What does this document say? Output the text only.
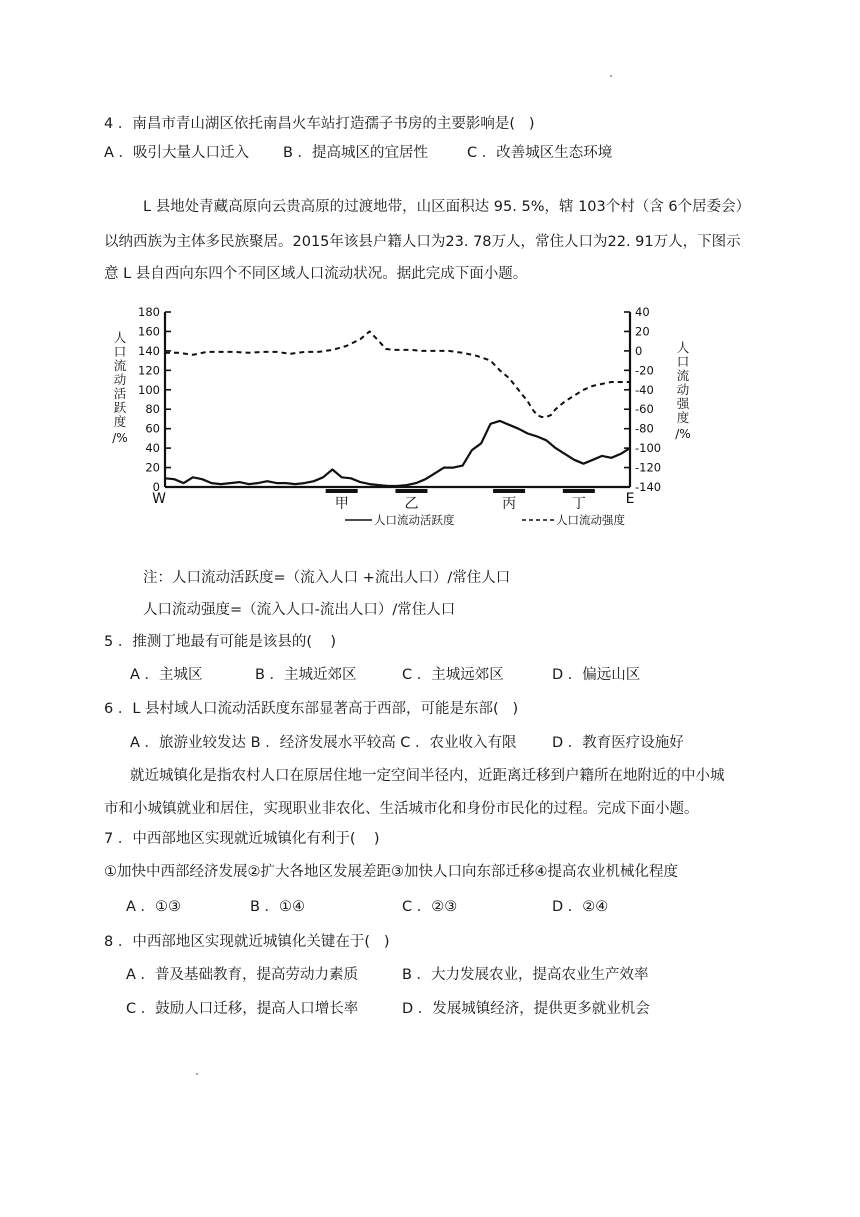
4 ．南昌市青山湖区依托南昌火车站打造孺子书房的主要影响是(   )
A ．吸引大量人口迁入 B ．提高城区的宜居性	C ．改善城区生态环境
L 县地处青藏高原向云贵高原的过渡地带，山区面积达 95. 5%，辖 103个村（含 6个居委会）
以纳西族为主体多民族聚居。2015年该县户籍人口为23. 78万人，常住人口为22. 91万人，下图示
意 L 县自西向东四个不同区域人口流动状况。据此完成下面小题。
人
口
流
动
活
跃
度
/%
人
口
流
动
强
度
/%
180
160
140
120
100
80
60
40
20
0
40
20
0
-20
-40
-60
-80
-100
-120
-140
W	E
甲	乙	丙	丁
人口流动活跃度	人口流动强度
注：人口流动活跃度=（流入人口 +流出人口）/常住人口
人口流动强度=（流入人口-流出人口）/常住人口
5 ．推测丁地最有可能是该县的(    )
A ．主城区	B ．主城近郊区	C ．主城远郊区	D ．偏远山区
6 ．L 县村域人口流动活跃度东部显著高于西部，可能是东部(   )
A ．旅游业较发达 B ．经济发展水平较高 C ．农业收入有限 D ．教育医疗设施好
就近城镇化是指农村人口在原居住地一定空间半径内，近距离迁移到户籍所在地附近的中小城
市和小城镇就业和居住，实现职业非农化、生活城市化和身份市民化的过程。完成下面小题。
7 ．中西部地区实现就近城镇化有利于(    )
①加快中西部经济发展②扩大各地区发展差距③加快人口向东部迁移④提高农业机械化程度
A ．①③	B ．①④	C ．②③	D ．②④
8 ．中西部地区实现就近城镇化关键在于(   )
A ．普及基础教育，提高劳动力素质	B ．大力发展农业，提高农业生产效率
C ．鼓励人口迁移，提高人口增长率	D ．发展城镇经济，提供更多就业机会
